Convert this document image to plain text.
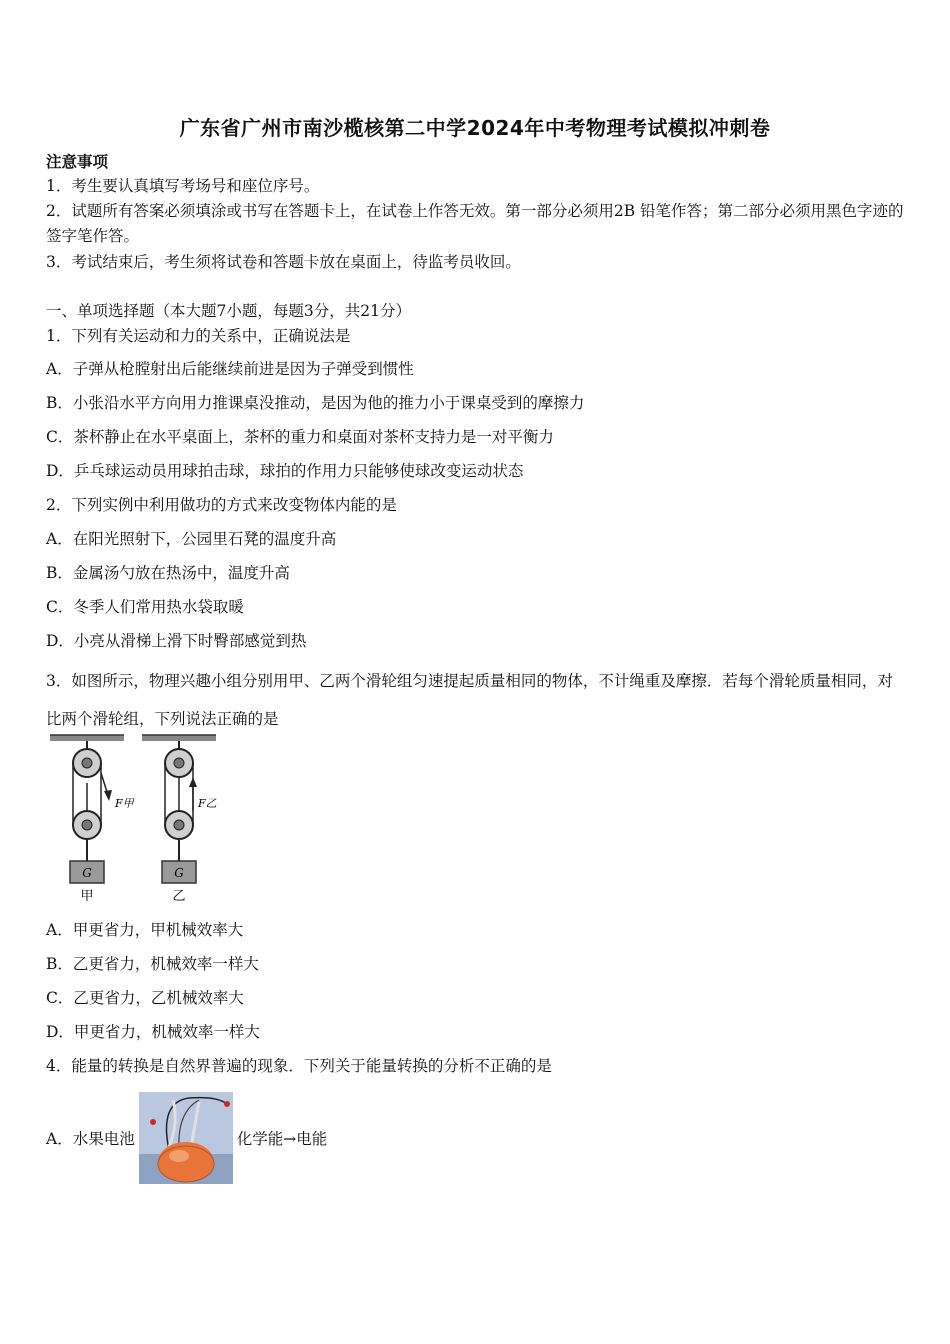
广东省广州市南沙榄核第二中学2024年中考物理考试模拟冲刺卷
注意事项
1．考生要认真填写考场号和座位序号。
2．试题所有答案必须填涂或书写在答题卡上，在试卷上作答无效。第一部分必须用2B 铅笔作答；第二部分必须用黑色字迹的签字笔作答。
3．考试结束后，考生须将试卷和答题卡放在桌面上，待监考员收回。
一、单项选择题（本大题7小题，每题3分，共21分）
1．下列有关运动和力的关系中，正确说法是
A．子弹从枪膛射出后能继续前进是因为子弹受到惯性
B．小张沿水平方向用力推课桌没推动，是因为他的推力小于课桌受到的摩擦力
C．茶杯静止在水平桌面上，茶杯的重力和桌面对茶杯支持力是一对平衡力
D．乒乓球运动员用球拍击球，球拍的作用力只能够使球改变运动状态
2．下列实例中利用做功的方式来改变物体内能的是
A．在阳光照射下，公园里石凳的温度升高
B．金属汤勺放在热汤中，温度升高
C．冬季人们常用热水袋取暖
D．小亮从滑梯上滑下时臀部感觉到热
3．如图所示，物理兴趣小组分别用甲、乙两个滑轮组匀速提起质量相同的物体，不计绳重及摩擦．若每个滑轮质量相同，对比两个滑轮组，下列说法正确的是
F甲
G
甲
F乙
G
乙
A．甲更省力，甲机械效率大
B．乙更省力，机械效率一样大
C．乙更省力，乙机械效率大
D．甲更省力，机械效率一样大
4．能量的转换是自然界普遍的现象．下列关于能量转换的分析不正确的是
A．水果电池	化学能→电能
